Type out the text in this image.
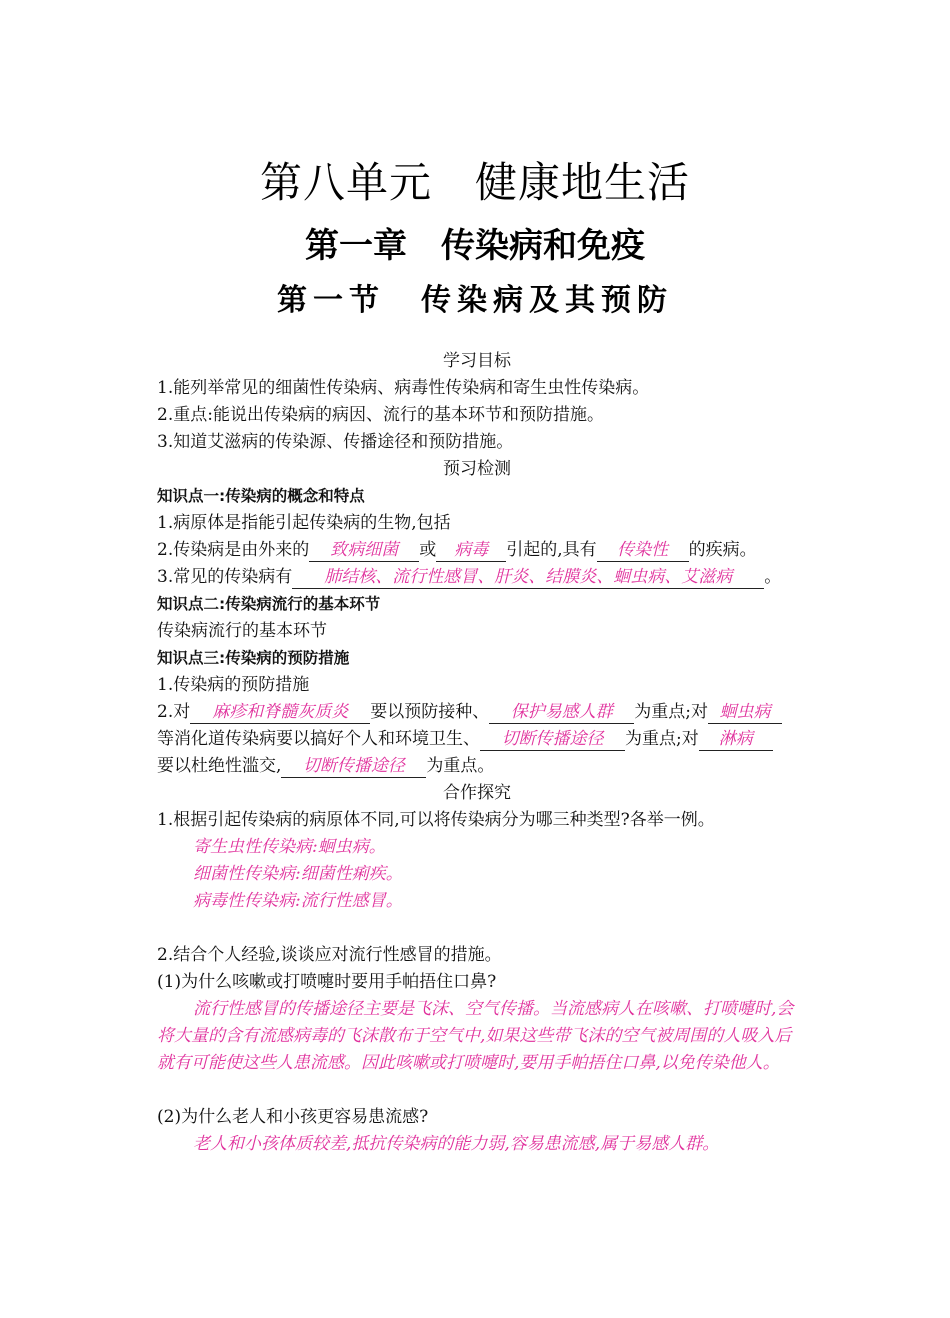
第八单元　健康地生活
第一章　传染病和免疫
第一节　传染病及其预防
学习目标
1.能列举常见的细菌性传染病、病毒性传染病和寄生虫性传染病。
2.重点:能说出传染病的病因、流行的基本环节和预防措施。
3.知道艾滋病的传染源、传播途径和预防措施。
预习检测
知识点一:传染病的概念和特点
1.病原体是指能引起传染病的生物,包括
2.传染病是由外来的 致病细菌 或 病毒 引起的,具有 传染性 的疾病。
3.常见的传染病有 肺结核、流行性感冒、肝炎、结膜炎、蛔虫病、艾滋病 。
知识点二:传染病流行的基本环节
传染病流行的基本环节
知识点三:传染病的预防措施
1.传染病的预防措施
2.对 麻疹和脊髓灰质炎 要以预防接种、 保护易感人群 为重点;对 蛔虫病
等消化道传染病要以搞好个人和环境卫生、 切断传播途径 为重点;对 淋病
要以杜绝性滥交, 切断传播途径 为重点。
合作探究
1.根据引起传染病的病原体不同,可以将传染病分为哪三种类型?各举一例。
寄生虫性传染病:蛔虫病。
细菌性传染病:细菌性痢疾。
病毒性传染病:流行性感冒。
2.结合个人经验,谈谈应对流行性感冒的措施。
(1)为什么咳嗽或打喷嚏时要用手帕捂住口鼻?
流行性感冒的传播途径主要是飞沫、空气传播。当流感病人在咳嗽、打喷嚏时,会将大量的含有流感病毒的飞沫散布于空气中,如果这些带飞沫的空气被周围的人吸入后就有可能使这些人患流感。因此咳嗽或打喷嚏时,要用手帕捂住口鼻,以免传染他人。
(2)为什么老人和小孩更容易患流感?
老人和小孩体质较差,抵抗传染病的能力弱,容易患流感,属于易感人群。
